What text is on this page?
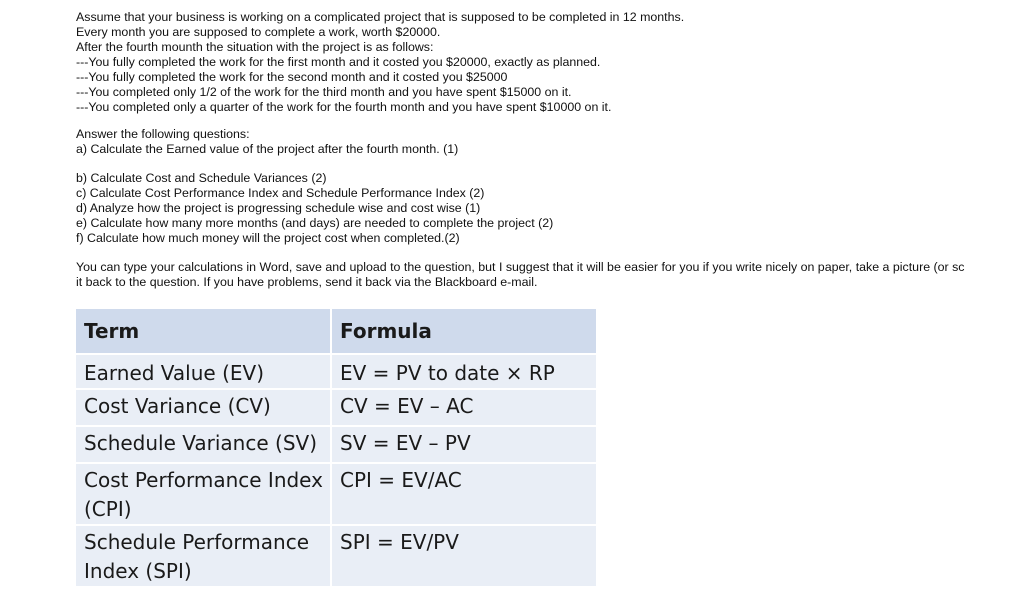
Assume that your business is working on a complicated project that is supposed to be completed in 12 months.
Every month you are supposed to complete a work, worth $20000.
After the fourth mounth the situation with the project is as follows:
---You fully completed the work for the first month and it costed you $20000, exactly as planned.
---You fully completed the work for the second month and it costed you $25000
---You completed only 1/2 of the work for the third month and you have spent $15000 on it.
---You completed only a quarter of the work for the fourth month and you have spent $10000 on it.
Answer the following questions:
a) Calculate the Earned value of the project after the fourth month. (1)
b) Calculate Cost and Schedule Variances (2)
c) Calculate Cost Performance Index and Schedule Performance Index (2)
d) Analyze how the project is progressing schedule wise and cost wise (1)
e) Calculate how many more months (and days) are needed to complete the project (2)
f) Calculate how much money will the project cost when completed.(2)
You can type your calculations in Word, save and upload to the question, but I suggest that it will be easier for you if you write nicely on paper, take a picture (or sc
it back to the question. If you have problems, send it back via the Blackboard e-mail.
Term	Formula
Earned Value (EV)	EV = PV to date × RP
Cost Variance (CV)	CV = EV – AC
Schedule Variance (SV)	SV = EV – PV
Cost Performance Index (CPI)	CPI = EV/AC
Schedule Performance Index (SPI)	SPI = EV/PV
